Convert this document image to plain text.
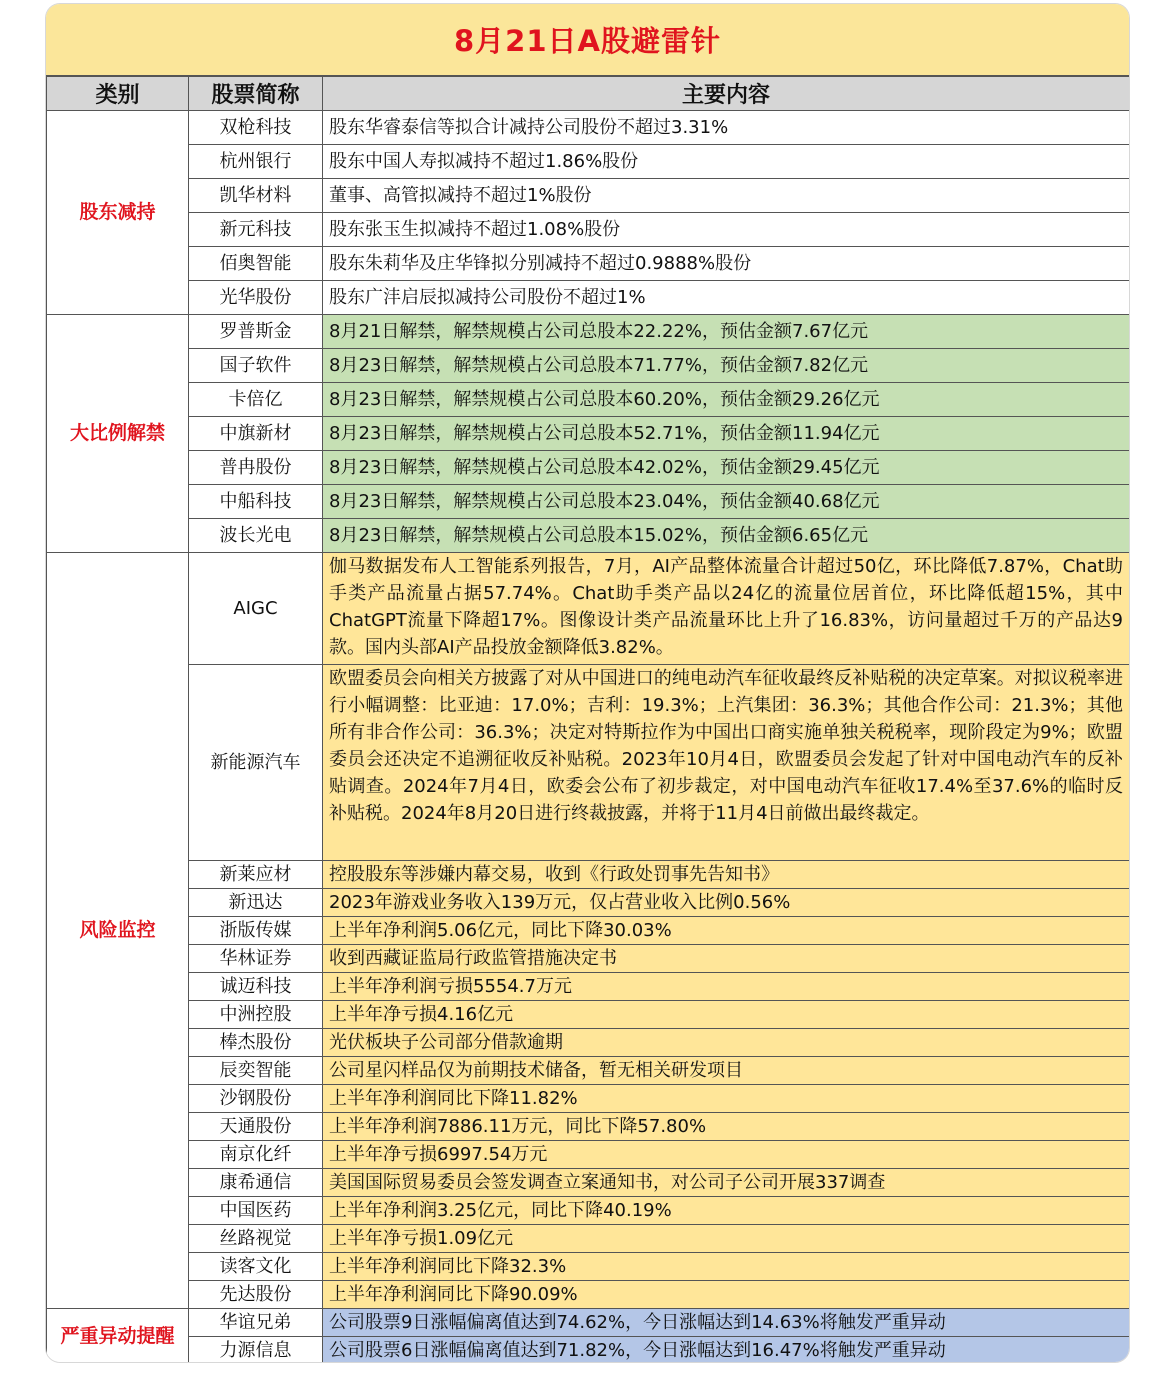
8月21日A股避雷针
类别	股票简称	主要内容
股东减持	双枪科技	股东华睿泰信等拟合计减持公司股份不超过3.31%
	杭州银行	股东中国人寿拟减持不超过1.86%股份
	凯华材料	董事、高管拟减持不超过1%股份
	新元科技	股东张玉生拟减持不超过1.08%股份
	佰奥智能	股东朱莉华及庄华锋拟分别减持不超过0.9888%股份
	光华股份	股东广沣启辰拟减持公司股份不超过1%
大比例解禁	罗普斯金	8月21日解禁，解禁规模占公司总股本22.22%，预估金额7.67亿元
	国子软件	8月23日解禁，解禁规模占公司总股本71.77%，预估金额7.82亿元
	卡倍亿	8月23日解禁，解禁规模占公司总股本60.20%，预估金额29.26亿元
	中旗新材	8月23日解禁，解禁规模占公司总股本52.71%，预估金额11.94亿元
	普冉股份	8月23日解禁，解禁规模占公司总股本42.02%，预估金额29.45亿元
	中船科技	8月23日解禁，解禁规模占公司总股本23.04%，预估金额40.68亿元
	波长光电	8月23日解禁，解禁规模占公司总股本15.02%，预估金额6.65亿元
风险监控	AIGC	伽马数据发布人工智能系列报告，7月，AI产品整体流量合计超过50亿，环比降低7.87%，Chat助手类产品流量占据57.74%。Chat助手类产品以24亿的流量位居首位，环比降低超15%，其中ChatGPT流量下降超17%。图像设计类产品流量环比上升了16.83%，访问量超过千万的产品达9款。国内头部AI产品投放金额降低3.82%。
	新能源汽车	欧盟委员会向相关方披露了对从中国进口的纯电动汽车征收最终反补贴税的决定草案。对拟议税率进行小幅调整：比亚迪：17.0%；吉利：19.3%；上汽集团：36.3%；其他合作公司：21.3%；其他所有非合作公司：36.3%；决定对特斯拉作为中国出口商实施单独关税税率，现阶段定为9%；欧盟委员会还决定不追溯征收反补贴税。2023年10月4日，欧盟委员会发起了针对中国电动汽车的反补贴调查。2024年7月4日，欧委会公布了初步裁定，对中国电动汽车征收17.4%至37.6%的临时反补贴税。2024年8月20日进行终裁披露，并将于11月4日前做出最终裁定。
	新莱应材	控股股东等涉嫌内幕交易，收到《行政处罚事先告知书》
	新迅达	2023年游戏业务收入139万元，仅占营业收入比例0.56%
	浙版传媒	上半年净利润5.06亿元，同比下降30.03%
	华林证券	收到西藏证监局行政监管措施决定书
	诚迈科技	上半年净利润亏损5554.7万元
	中洲控股	上半年净亏损4.16亿元
	棒杰股份	光伏板块子公司部分借款逾期
	辰奕智能	公司星闪样品仅为前期技术储备，暂无相关研发项目
	沙钢股份	上半年净利润同比下降11.82%
	天通股份	上半年净利润7886.11万元，同比下降57.80%
	南京化纤	上半年净亏损6997.54万元
	康希通信	美国国际贸易委员会签发调查立案通知书，对公司子公司开展337调查
	中国医药	上半年净利润3.25亿元，同比下降40.19%
	丝路视觉	上半年净亏损1.09亿元
	读客文化	上半年净利润同比下降32.3%
	先达股份	上半年净利润同比下降90.09%
严重异动提醒	华谊兄弟	公司股票9日涨幅偏离值达到74.62%，今日涨幅达到14.63%将触发严重异动
	力源信息	公司股票6日涨幅偏离值达到71.82%，今日涨幅达到16.47%将触发严重异动
